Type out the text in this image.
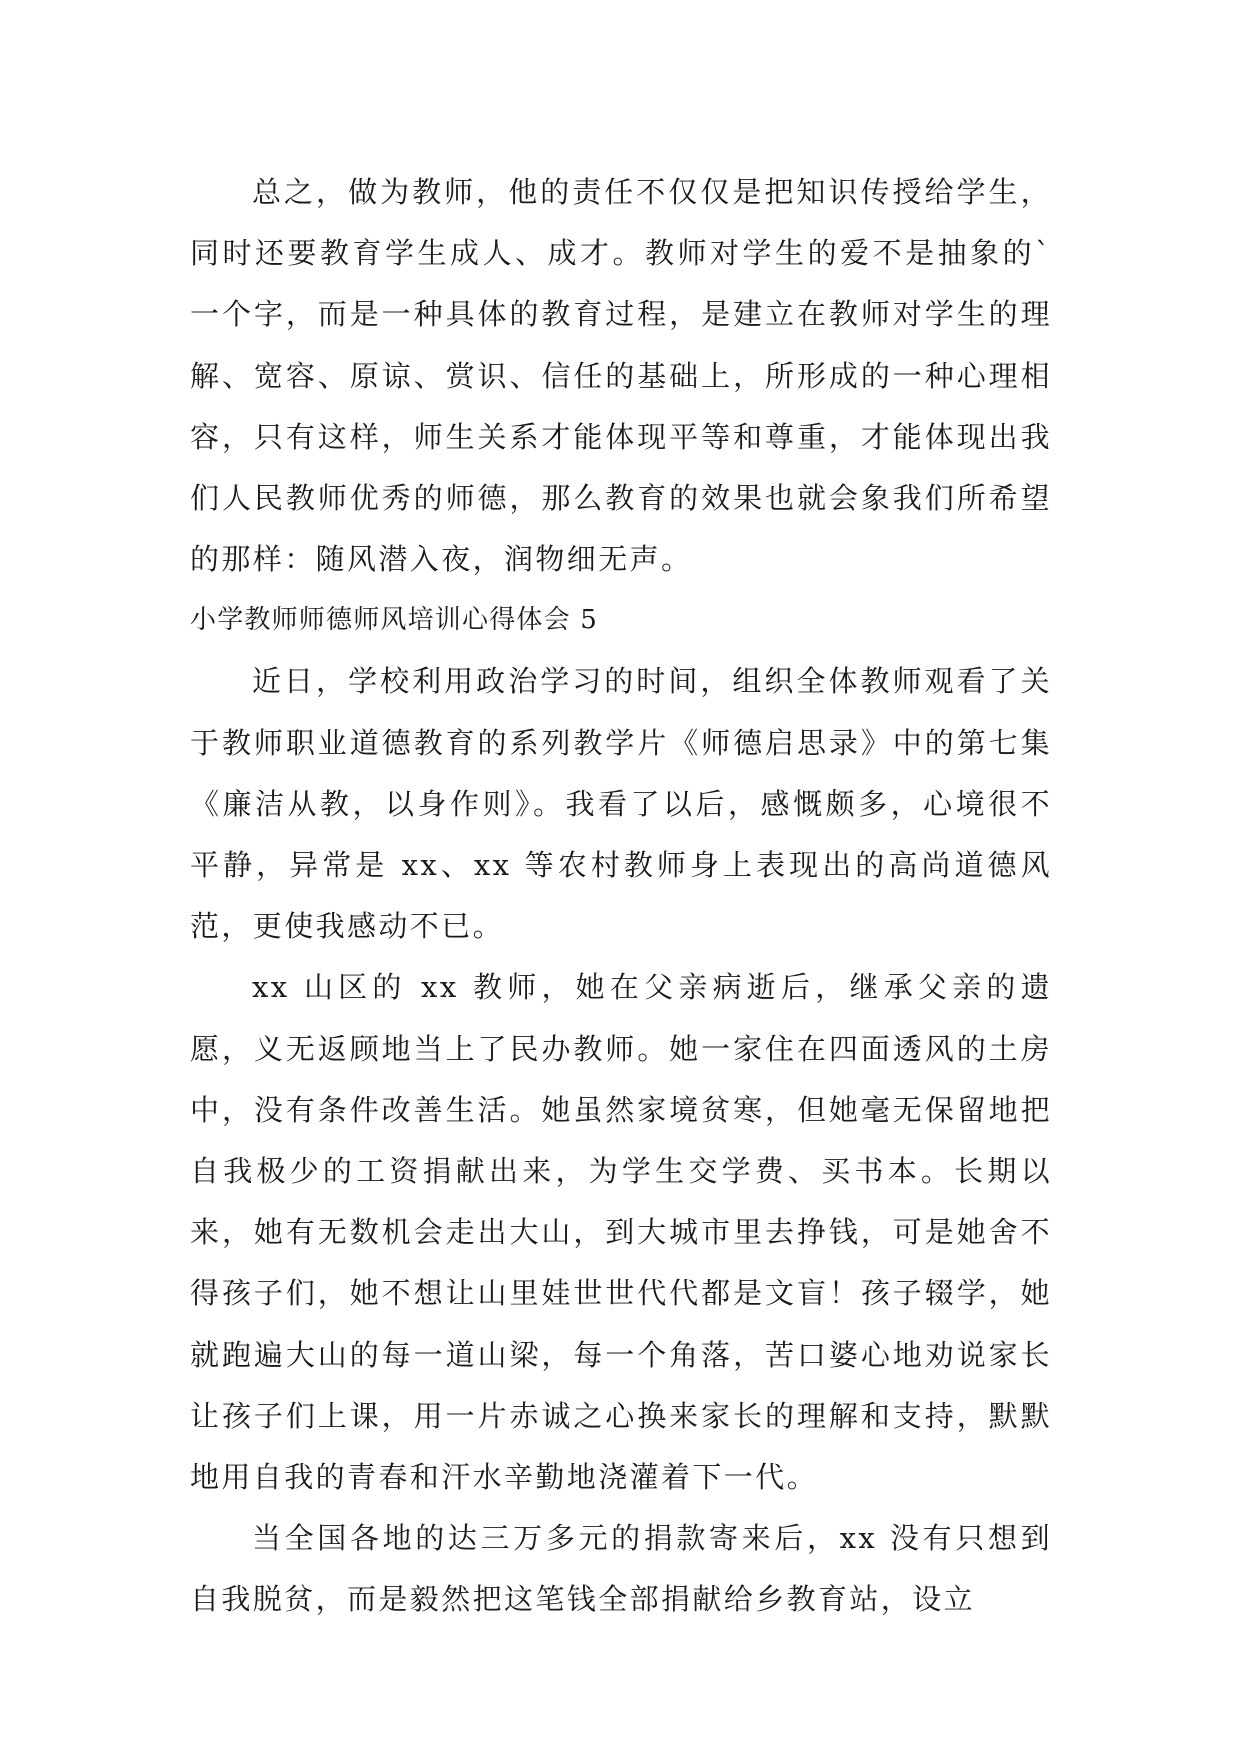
总之，做为教师，他的责任不仅仅是把知识传授给学生，同时还要教育学生成人、成才。教师对学生的爱不是抽象的`一个字，而是一种具体的教育过程，是建立在教师对学生的理解、宽容、原谅、赏识、信任的基础上，所形成的一种心理相容，只有这样，师生关系才能体现平等和尊重，才能体现出我们人民教师优秀的师德，那么教育的效果也就会象我们所希望的那样：随风潜入夜，润物细无声。

小学教师师德师风培训心得体会 5

近日，学校利用政治学习的时间，组织全体教师观看了关于教师职业道德教育的系列教学片《师德启思录》中的第七集《廉洁从教，以身作则》。我看了以后，感慨颇多，心境很不平静，异常是 xx、xx 等农村教师身上表现出的高尚道德风范，更使我感动不已。

xx 山区的 xx 教师，她在父亲病逝后，继承父亲的遗愿，义无返顾地当上了民办教师。她一家住在四面透风的土房中，没有条件改善生活。她虽然家境贫寒，但她毫无保留地把自我极少的工资捐献出来，为学生交学费、买书本。长期以来，她有无数机会走出大山，到大城市里去挣钱，可是她舍不得孩子们，她不想让山里娃世世代代都是文盲！孩子辍学，她就跑遍大山的每一道山梁，每一个角落，苦口婆心地劝说家长让孩子们上课，用一片赤诚之心换来家长的理解和支持，默默地用自我的青春和汗水辛勤地浇灌着下一代。

当全国各地的达三万多元的捐款寄来后，xx 没有只想到自我脱贫，而是毅然把这笔钱全部捐献给乡教育站，设立
